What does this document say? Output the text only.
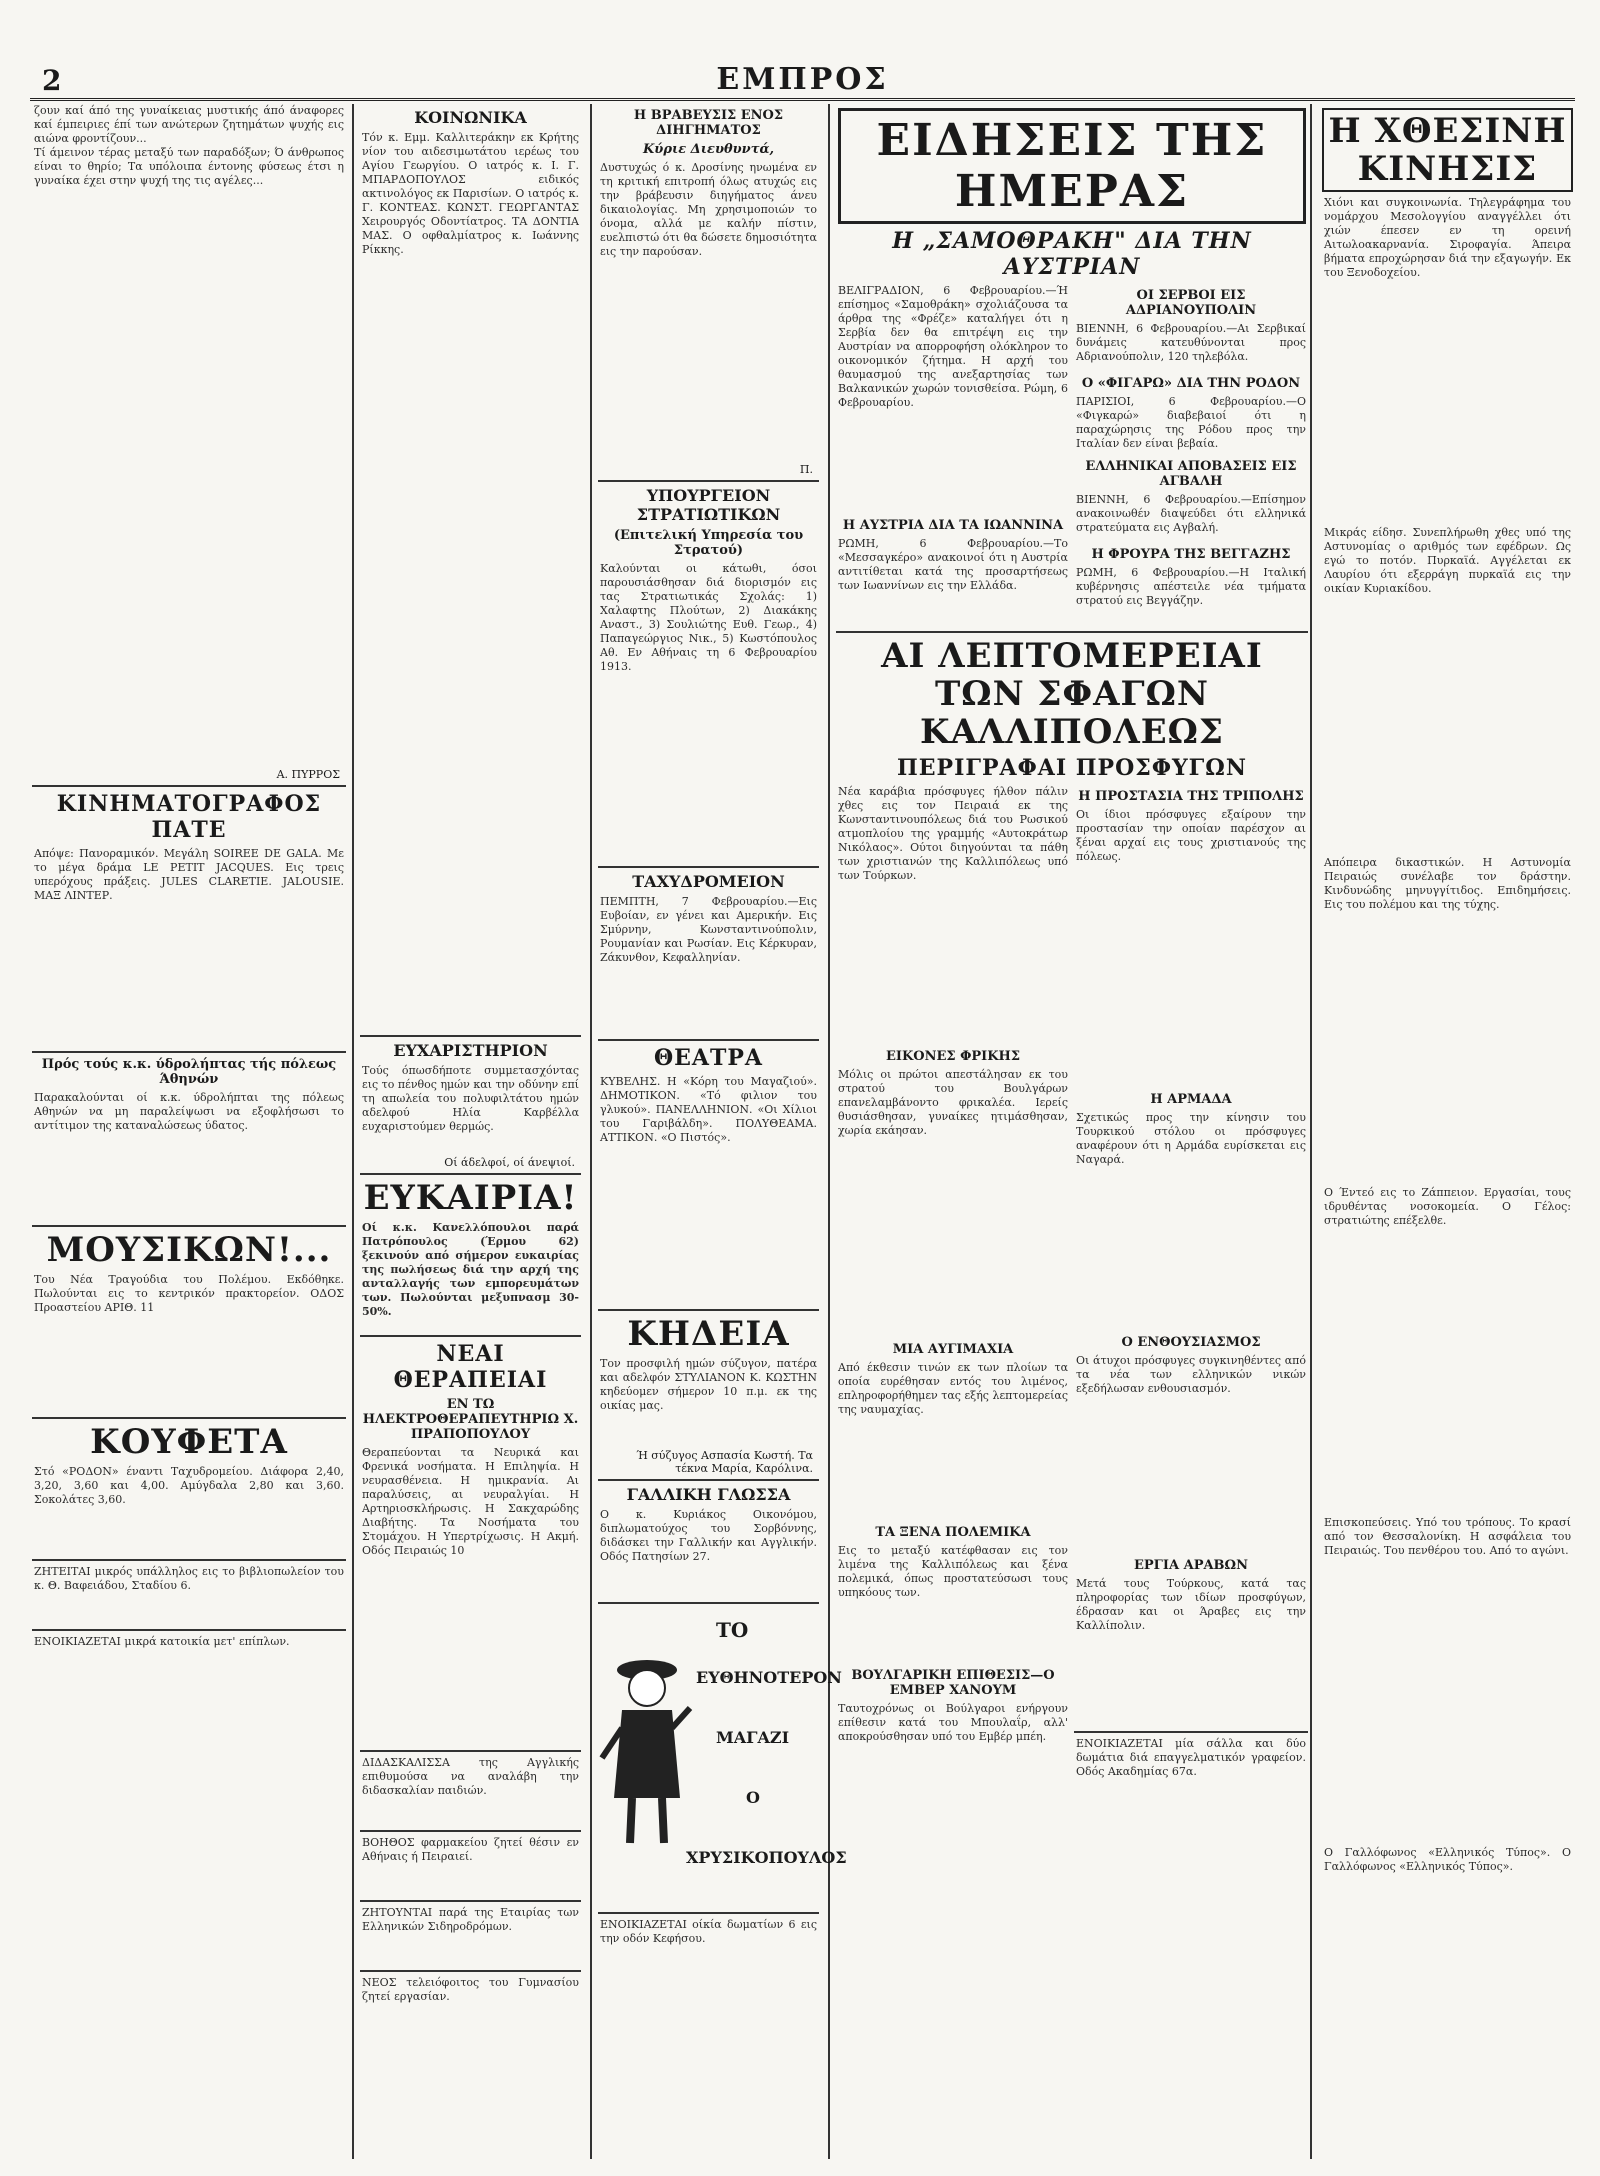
2	ΕΜΠΡΟΣ

ζουν καί άπό της γυναίκειας μυστικής άπό άναφορες καί έμπειριες έπί των ανώτερων ζητημάτων ψυχής εις αιώνα φροντίζουν...

Τί άμεινον τέρας μεταξύ των παραδόξων; Ό άνθρωπος είναι το θηρίο; Τα υπόλοιπα έντονης φύσεως έτσι η γυναίκα έχει στην ψυχή της τις αγέλες...

Α. ΠΥΡΡΟΣ
ΚΙΝΗΜΑΤΟΓΡΑΦΟΣ ΠΑΤΕ

Απόψε: Πανοραμικόν. Μεγάλη SOIREE DE GALA. Με το μέγα δράμα LE PETIT JACQUES. Εις τρεις υπερόχους πράξεις. JULES CLARETIE. JALOUSIE. ΜΑΞ ΛΙΝΤΕΡ.

Πρός τούς κ.κ. ύδρολήπτας τής πόλεως Άθηνών

Παρακαλούνται οί κ.κ. ύδρολήπται της πόλεως Αθηνών να μη παραλείψωσι να εξοφλήσωσι το αντίτιμον της καταναλώσεως ύδατος.

ΜΟΥΣΙΚΩΝ!...

Του Νέα Τραγούδια του Πολέμου. Εκδόθηκε. Πωλούνται εις το κεντρικόν πρακτορείον. ΟΔΟΣ Προαστείου ΑΡΙΘ. 11

ΚΟΥΦΕΤΑ

Στό «ΡΟΔΟΝ» έναντι Ταχυδρομείου. Διάφορα 2,40, 3,20, 3,60 και 4,00. Αμύγδαλα 2,80 και 3,60. Σοκολάτες 3,60.

ΖΗΤΕΙΤΑΙ μικρός υπάλληλος εις το βιβλιοπωλείον του κ. Θ. Βαφειάδου, Σταδίου 6.

ΕΝΟΙΚΙΑΖΕΤΑΙ μικρά κατοικία μετ' επίπλων.

ΚΟΙΝΩΝΙΚΑ

Τόν κ. Εμμ. Καλλιτεράκην εκ Κρήτης νίον του αιδεσιμωτάτου ιερέως του Αγίου Γεωργίου. Ο ιατρός κ. Ι. Γ. ΜΠΑΡΔΟΠΟΥΛΟΣ ειδικός ακτινολόγος εκ Παρισίων. Ο ιατρός κ. Γ. ΚΟΝΤΕΑΣ. ΚΩΝΣΤ. ΓΕΩΡΓΑΝΤΑΣ Χειρουργός Οδοντίατρος. ΤΑ ΔΟΝΤΙΑ ΜΑΣ. Ο οφθαλμίατρος κ. Ιωάννης Ρίκκης.

ΕΥΧΑΡΙΣΤΗΡΙΟΝ

Τούς όπωσδήποτε συμμετασχόντας εις το πένθος ημών και την οδύνην επί τη απωλεία του πολυφιλτάτου ημών αδελφού Ηλία Καρβέλλα ευχαριστούμεν θερμώς.

Οί άδελφοί, οί άνεψιοί.
ΕΥΚΑΙΡΙΑ!

Οί κ.κ. Κανελλόπουλοι παρά Πατρόπουλος (Έρμου 62) ξεκινούν από σήμερον ευκαιρίας της πωλήσεως διά την αρχή της ανταλλαγής των εμπορευμάτων των. Πωλούνται μεξυπνασμ 30-50%.

ΝΕΑΙ ΘΕΡΑΠΕΙΑΙ
ΕΝ ΤΩ ΗΛΕΚΤΡΟΘΕΡΑΠΕΥΤΗΡΙΩ Χ. ΠΡΑΠΟΠΟΥΛΟΥ

Θεραπεύονται τα Νευρικά και Φρενικά νοσήματα. Η Επιληψία. Η νευρασθένεια. Η ημικρανία. Αι παραλύσεις, αι νευραλγίαι. Η Αρτηριοσκλήρωσις. Η Σακχαρώδης Διαβήτης. Τα Νοσήματα του Στομάχου. Η Υπερτρίχωσις. Η Ακμή. Οδός Πειραιώς 10

ΔΙΔΑΣΚΑΛΙΣΣΑ της Αγγλικής επιθυμούσα να αναλάβη την διδασκαλίαν παιδιών.

ΒΟΗΘΟΣ φαρμακείου ζητεί θέσιν εν Αθήναις ή Πειραιεί.

ΖΗΤΟΥΝΤΑΙ παρά της Εταιρίας των Ελληνικών Σιδηροδρόμων.

ΝΕΟΣ τελειόφοιτος του Γυμνασίου ζητεί εργασίαν.

Η ΒΡΑΒΕΥΣΙΣ ΕΝΟΣ ΔΙΗΓΗΜΑΤΟΣ
Κύριε Διευθυντά,

Δυστυχώς ό κ. Δροσίνης ηνωμένα εν τη κριτική επιτροπή όλως ατυχώς εις την βράβευσιν διηγήματος άνευ δικαιολογίας. Μη χρησιμοποιών το όνομα, αλλά με καλήν πίστιν, ευελπιστώ ότι θα δώσετε δημοσιότητα εις την παρούσαν.

Π.
ΥΠΟΥΡΓΕΙΟΝ ΣΤΡΑΤΙΩΤΙΚΩΝ
(Επιτελική Υπηρεσία του Στρατού)

Καλούνται οι κάτωθι, όσοι παρουσιάσθησαν διά διορισμόν εις τας Στρατιωτικάς Σχολάς: 1) Χαλαφτης Πλούτων, 2) Διακάκης Αναστ., 3) Σουλιώτης Ευθ. Γεωρ., 4) Παπαγεώργιος Νικ., 5) Κωστόπουλος Αθ. Εν Αθήναις τη 6 Φεβρουαρίου 1913.

ΤΑΧΥΔΡΟΜΕΙΟΝ

ΠΕΜΠΤΗ, 7 Φεβρουαρίου.—Εις Ευβοίαν, εν γένει και Αμερικήν. Εις Σμύρνην, Κωνσταντινούπολιν, Ρουμανίαν και Ρωσίαν. Εις Κέρκυραν, Ζάκυνθον, Κεφαλληνίαν.

ΘΕΑΤΡΑ

ΚΥΒΕΛΗΣ. Η «Κόρη του Μαγαζιού». ΔΗΜΟΤΙΚΟΝ. «Τό φιλιον του γλυκού». ΠΑΝΕΛΛΗΝΙΟΝ. «Οι Χίλιοι του Γαριβάλδη». ΠΟΛΥΘΕΑΜΑ. ΑΤΤΙΚΟΝ. «Ο Πιστός».

ΚΗΔΕΙΑ

Τον προσφιλή ημών σύζυγον, πατέρα και αδελφόν ΣΤΥΛΙΑΝΟΝ Κ. ΚΩΣΤΗΝ κηδεύομεν σήμερον 10 π.μ. εκ της οικίας μας.

Ή σύζυγος Ασπασία Κωστή. Τα τέκνα Μαρία, Καρόλινα.
ΓΑΛΛΙΚΗ ΓΛΩΣΣΑ

Ο κ. Κυριάκος Οικονόμου, διπλωματούχος του Σορβόννης, διδάσκει την Γαλλικήν και Αγγλικήν. Οδός Πατησίων 27.

ΤΟ
ΕΥΘΗΝΟΤΕΡΟΝ
ΜΑΓΑΖΙ
Ο
ΧΡΥΣΙΚΟΠΟΥΛΟΣ

ΕΝΟΙΚΙΑΖΕΤΑΙ οίκία δωματίων 6 εις την οδόν Κεφήσου.

ΕΙΔΗΣΕΙΣ ΤΗΣ ΗΜΕΡΑΣ
Η „ΣΑΜΟΘΡΑΚΗ" ΔΙΑ ΤΗΝ ΑΥΣΤΡΙΑΝ

ΒΕΛΙΓΡΑΔΙΟΝ, 6 Φεβρουαρίου.—Ή επίσημος «Σαμοθράκη» σχολιάζουσα τα άρθρα της «Φρέζε» καταλήγει ότι η Σερβία δεν θα επιτρέψη εις την Αυστρίαν να απορροφήση ολόκληρον το οικονομικόν ζήτημα. Η αρχή του θαυμασμού της ανεξαρτησίας των Βαλκανικών χωρών τονισθείσα. Ρώμη, 6 Φεβρουαρίου.

Η ΑΥΣΤΡΙΑ ΔΙΑ ΤΑ ΙΩΑΝΝΙΝΑ

ΡΩΜΗ, 6 Φεβρουαρίου.—Το «Μεσσαγκέρο» ανακοινοί ότι η Αυστρία αντιτίθεται κατά της προσαρτήσεως των Ιωαννίνων εις την Ελλάδα.

ΟΙ ΣΕΡΒΟΙ ΕΙΣ ΑΔΡΙΑΝΟΥΠΟΛΙΝ

ΒΙΕΝΝΗ, 6 Φεβρουαρίου.—Αι Σερβικαί δυνάμεις κατευθύνονται προς Αδριανούπολιν, 120 τηλεβόλα.

Ο «ΦΙΓΑΡΩ» ΔΙΑ ΤΗΝ ΡΟΔΟΝ

ΠΑΡΙΣΙΟΙ, 6 Φεβρουαρίου.—Ο «Φιγκαρώ» διαβεβαιοί ότι η παραχώρησις της Ρόδου προς την Ιταλίαν δεν είναι βεβαία.

ΕΛΛΗΝΙΚΑΙ ΑΠΟΒΑΣΕΙΣ ΕΙΣ ΑΓΒΑΛΗ

ΒΙΕΝΝΗ, 6 Φεβρουαρίου.—Επίσημον ανακοινωθέν διαψεύδει ότι ελληνικά στρατεύματα εις Αγβαλή.

Η ΦΡΟΥΡΑ ΤΗΣ ΒΕΓΓΑΖΗΣ

ΡΩΜΗ, 6 Φεβρουαρίου.—Η Ιταλική κυβέρνησις απέστειλε νέα τμήματα στρατού εις Βεγγάζην.

ΑΙ ΛΕΠΤΟΜΕΡΕΙΑΙ ΤΩΝ ΣΦΑΓΩΝ ΚΑΛΛΙΠΟΛΕΩΣ
ΠΕΡΙΓΡΑΦΑΙ ΠΡΟΣΦΥΓΩΝ

Νέα καράβια πρόσφυγες ήλθον πάλιν χθες εις τον Πειραιά εκ της Κωνσταντινουπόλεως διά του Ρωσικού ατμοπλοίου της γραμμής «Αυτοκράτωρ Νικόλαος». Ούτοι διηγούνται τα πάθη των χριστιανών της Καλλιπόλεως υπό των Τούρκων.

ΕΙΚΟΝΕΣ ΦΡΙΚΗΣ

Μόλις οι πρώτοι απεστάλησαν εκ του στρατού του Βουλγάρων επανελαμβάνοντο φρικαλέα. Ιερείς θυσιάσθησαν, γυναίκες ητιμάσθησαν, χωρία εκάησαν.

ΜΙΑ ΑΥΓΙΜΑΧΙΑ

Από έκθεσιν τινών εκ των πλοίων τα οποία ευρέθησαν εντός του λιμένος, επληροφορήθημεν τας εξής λεπτομερείας της ναυμαχίας.

ΤΑ ΞΕΝΑ ΠΟΛΕΜΙΚΑ

Εις το μεταξύ κατέφθασαν εις τον λιμένα της Καλλιπόλεως και ξένα πολεμικά, όπως προστατεύσωσι τους υπηκόους των.

ΒΟΥΛΓΑΡΙΚΗ ΕΠΙΘΕΣΙΣ—Ο ΕΜΒΕΡ ΧΑΝΟΥΜ

Ταυτοχρόνως οι Βούλγαροι ενήργουν επίθεσιν κατά του Μπουλαΐρ, αλλ' αποκρούσθησαν υπό του Εμβέρ μπέη.

Η ΠΡΟΣΤΑΣΙΑ ΤΗΣ ΤΡΙΠΟΛΗΣ

Οι ίδιοι πρόσφυγες εξαίρουν την προστασίαν την οποίαν παρέσχον αι ξέναι αρχαί εις τους χριστιανούς της πόλεως.

Η ΑΡΜΑΔΑ

Σχετικώς προς την κίνησιν του Τουρκικού στόλου οι πρόσφυγες αναφέρουν ότι η Αρμάδα ευρίσκεται εις Ναγαρά.

Ο ΕΝΘΟΥΣΙΑΣΜΟΣ

Οι άτυχοι πρόσφυγες συγκινηθέντες από τα νέα των ελληνικών νικών εξεδήλωσαν ενθουσιασμόν.

ΕΡΓΙΑ ΑΡΑΒΩΝ

Μετά τους Τούρκους, κατά τας πληροφορίας των ιδίων προσφύγων, έδρασαν και οι Άραβες εις την Καλλίπολιν.

ΕΝΟΙΚΙΑΖΕΤΑΙ μία σάλλα και δύο δωμάτια διά επαγγελματικόν γραφείον. Οδός Ακαδημίας 67α.

Η ΧΘΕΣΙΝΗ ΚΙΝΗΣΙΣ

Χιόνι και συγκοινωνία. Τηλεγράφημα του νομάρχου Μεσολογγίου αναγγέλλει ότι χιών έπεσεν εν τη ορεινή Αιτωλοακαρνανία. Σιροφαγία. Άπειρα βήματα επροχώρησαν διά την εξαγωγήν. Εκ του Ξενοδοχείου.

Μικράς είδησ. Συνεπλήρωθη χθες υπό της Αστυνομίας ο αριθμός των εφέδρων. Ως εγώ το ποτόν. Πυρκαϊά. Αγγέλεται εκ Λαυρίου ότι εξερράγη πυρκαϊά εις την οικίαν Κυριακίδου.

Απόπειρα δικαστικών. Η Αστυνομία Πειραιώς συνέλαβε τον δράστην. Κινδυνώδης μηνυγγίτιδος. Επιδημήσεις. Εις του πολέμου και της τύχης.

Ο Έντεό εις το Ζάππειον. Εργασίαι, τους ιδρυθέντας νοσοκομεία. Ο Γέλος: στρατιώτης επέξελθε.

Επισκοπεύσεις. Υπό του τρόπους. Το κρασί από τον Θεσσαλονίκη. Η ασφάλεια του Πειραιώς. Του πενθέρου του. Από το αγώνι.

Ο Γαλλόφωνος «Ελληνικός Τύπος». Ο Γαλλόφωνος «Ελληνικός Τύπος».
